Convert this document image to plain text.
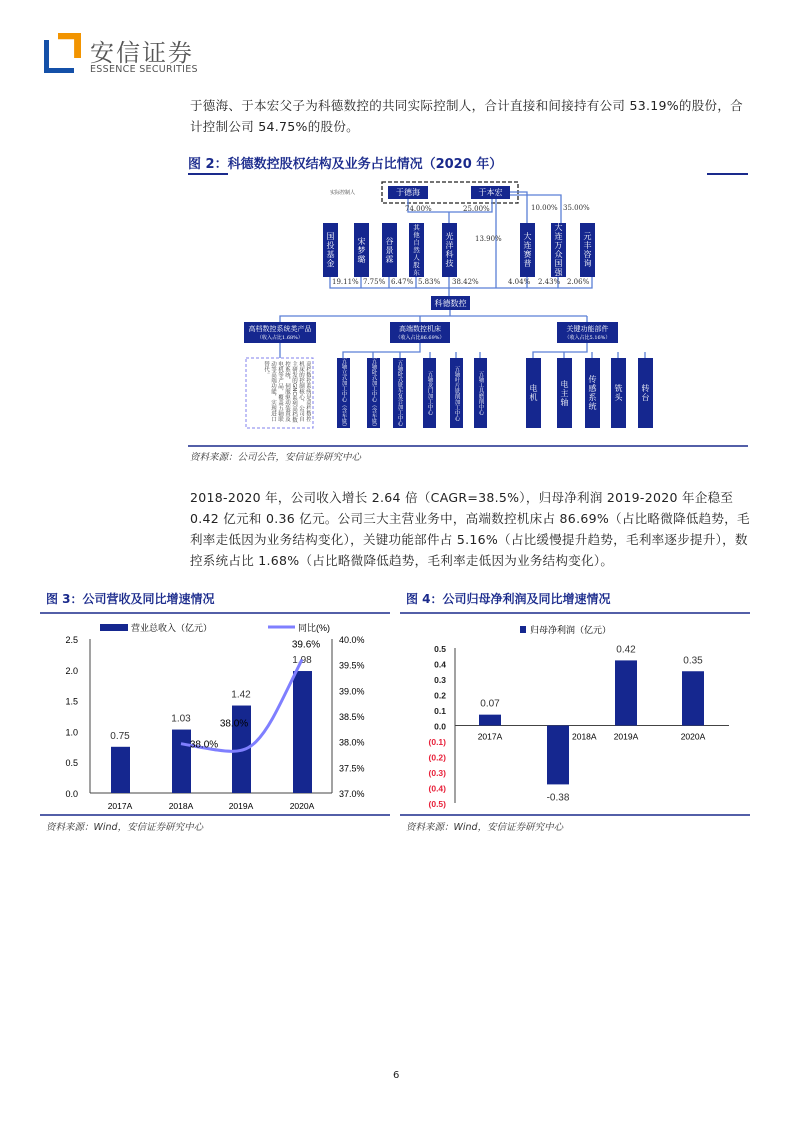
安信证券
ESSENCE SECURITIES
于德海、于本宏父子为科德数控的共同实际控制人，合计直接和间接持有公司 53.19%的股份，合计控制公司 54.75%的股份。
图 2：科德数控股权结构及业务占比情况（2020 年）
实际控制人	于德海	于本宏
74.00%	25.00%	10.00% 35.00%
13.90%
国投基金	宋梦璐 谷景霖	其他自然人股东	光洋科技	大连赛普	大连万众国强	元丰咨询
19.11% 7.75% 6.47% 5.83% 38.42%	4.04% 2.43% 2.06%
科德数控
高档数控系统类产品
（收入占比1.68%）
高端数控机床
（收入占比86.69%）
关键功能部件
（收入占比5.16%）
高档数控系统是高档数控机床的控制核心，公司自主研发的GNC系列高档数控系统、伺服驱动装置及电机等产品，覆盖五轴联动等高端功能，实现进口替代。	五轴立式加工中心（含车铣）	五轴卧式加工中心（含车铣）	五轴卧式铣车复合加工中心	五轴龙门加工中心	五轴叶片铣削加工中心	五轴工具磨削中心	电机	电主轴 传感系统 铣头 转台
资料来源：公司公告，安信证券研究中心
2018-2020 年，公司收入增长 2.64 倍（CAGR=38.5%），归母净利润 2019-2020 年企稳至 0.42 亿元和 0.36 亿元。公司三大主营业务中，高端数控机床占 86.69%（占比略微降低趋势，毛利率走低因为业务结构变化），关键功能部件占 5.16%（占比缓慢提升趋势，毛利率逐步提升），数控系统占比 1.68%（占比略微降低趋势，毛利率走低因为业务结构变化）。
图 3：公司营收及同比增速情况
0.0
0.5
1.0
1.5
2.0
2.5
37.0%
37.5%
38.0%
38.5%
39.0%
39.5%
40.0%
2017A	2018A	2019A	2020A
0.75
1.03
1.42
1.98
38.0%
38.0%
39.6%
营业总收入（亿元）	同比(%)
资料来源：Wind，安信证券研究中心
图 4：公司归母净利润及同比增速情况
(0.5)
(0.4)
(0.3)
(0.2)
(0.1)
0.0
0.1
0.2
0.3
0.4
0.5
0.07
-0.38
0.42
0.35
2017A	2018A 2019A	2020A
归母净利润（亿元）
资料来源：Wind，安信证券研究中心
6
